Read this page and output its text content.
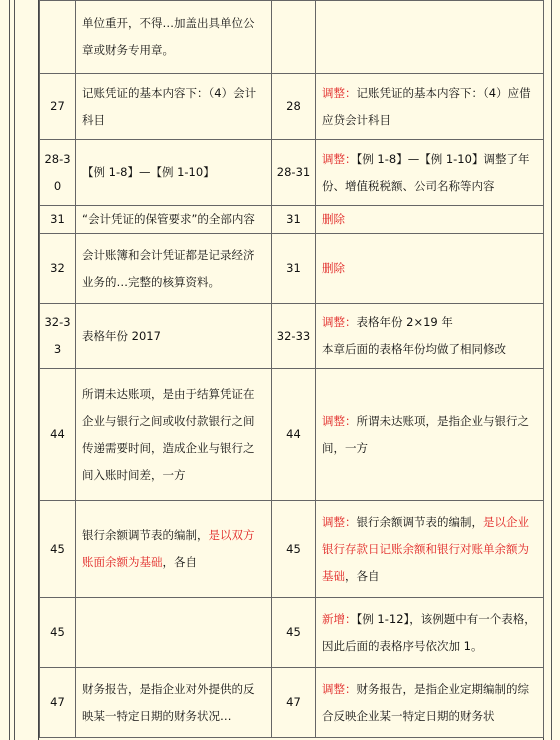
	单位重开，不得…加盖出具单位公章或财务专用章。		
27	记账凭证的基本内容下：（4）会计科目	28	调整：记账凭证的基本内容下：（4）应借应贷会计科目
28-30	【例 1-8】—【例 1-10】	28-31	调整：【例 1-8】—【例 1-10】调整了年份、增值税税额、公司名称等内容
31	“会计凭证的保管要求”的全部内容	31	删除
32	会计账簿和会计凭证都是记录经济业务的…完整的核算资料。	31	删除
32-33	表格年份 2017	32-33	调整：表格年份 2×19 年
本章后面的表格年份均做了相同修改
44	所谓未达账项，是由于结算凭证在企业与银行之间或收付款银行之间传递需要时间，造成企业与银行之间入账时间差，一方	44	调整：所谓未达账项，是指企业与银行之间，一方
45	银行余额调节表的编制，是以双方账面余额为基础，各自	45	调整：银行余额调节表的编制，是以企业银行存款日记账余额和银行对账单余额为基础，各自
45		45	新增：【例 1-12】，该例题中有一个表格，因此后面的表格序号依次加 1。
47	财务报告，是指企业对外提供的反映某一特定日期的财务状况…	47	调整：财务报告，是指企业定期编制的综合反映企业某一特定日期的财务状
